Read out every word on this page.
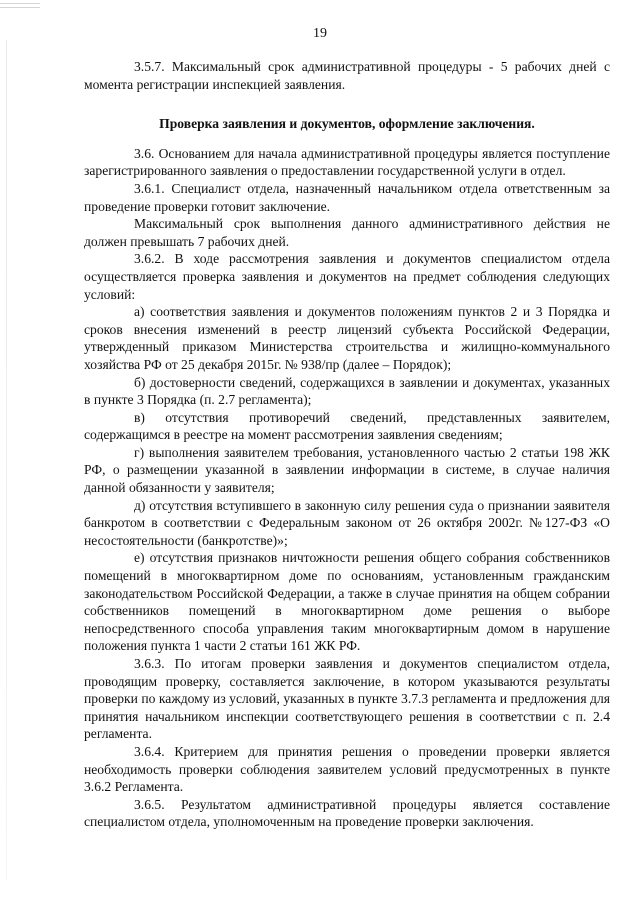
19

3.5.7. Максимальный срок административной процедуры - 5 рабочих дней с момента регистрации инспекцией заявления.

Проверка заявления и документов, оформление заключения.

3.6. Основанием для начала административной процедуры является поступление зарегистрированного заявления о предоставлении государственной услуги в отдел.

3.6.1. Специалист отдела, назначенный начальником отдела ответственным за проведение проверки готовит заключение.

Максимальный срок выполнения данного административного действия не должен превышать 7 рабочих дней.

3.6.2. В ходе рассмотрения заявления и документов специалистом отдела осуществляется проверка заявления и документов на предмет соблюдения следующих условий:

а) соответствия заявления и документов положениям пунктов 2 и 3 Порядка и сроков внесения изменений в реестр лицензий субъекта Российской Федерации, утвержденный приказом Министерства строительства и жилищно-коммунального хозяйства РФ от 25 декабря 2015г. № 938/пр (далее – Порядок);

б) достоверности сведений, содержащихся в заявлении и документах, указанных в пункте 3 Порядка (п. 2.7 регламента);

в) отсутствия противоречий сведений, представленных заявителем, содержащимся в реестре на момент рассмотрения заявления сведениям;

г) выполнения заявителем требования, установленного частью 2 статьи 198 ЖК РФ, о размещении указанной в заявлении информации в системе, в случае наличия данной обязанности у заявителя;

д) отсутствия вступившего в законную силу решения суда о признании заявителя банкротом в соответствии с Федеральным законом от 26 октября 2002г. №127-ФЗ «О несостоятельности (банкротстве)»;

е) отсутствия признаков ничтожности решения общего собрания собственников помещений в многоквартирном доме по основаниям, установленным гражданским законодательством Российской Федерации, а также в случае принятия на общем собрании собственников помещений в многоквартирном доме решения о выборе непосредственного способа управления таким многоквартирным домом в нарушение положения пункта 1 части 2 статьи 161 ЖК РФ.

3.6.3. По итогам проверки заявления и документов специалистом отдела, проводящим проверку, составляется заключение, в котором указываются результаты проверки по каждому из условий, указанных в пункте 3.7.3 регламента и предложения для принятия начальником инспекции соответствующего решения в соответствии с п. 2.4 регламента.

3.6.4. Критерием для принятия решения о проведении проверки является необходимость проверки соблюдения заявителем условий предусмотренных в пункте 3.6.2 Регламента.

3.6.5. Результатом административной процедуры является составление специалистом отдела, уполномоченным на проведение проверки заключения.
